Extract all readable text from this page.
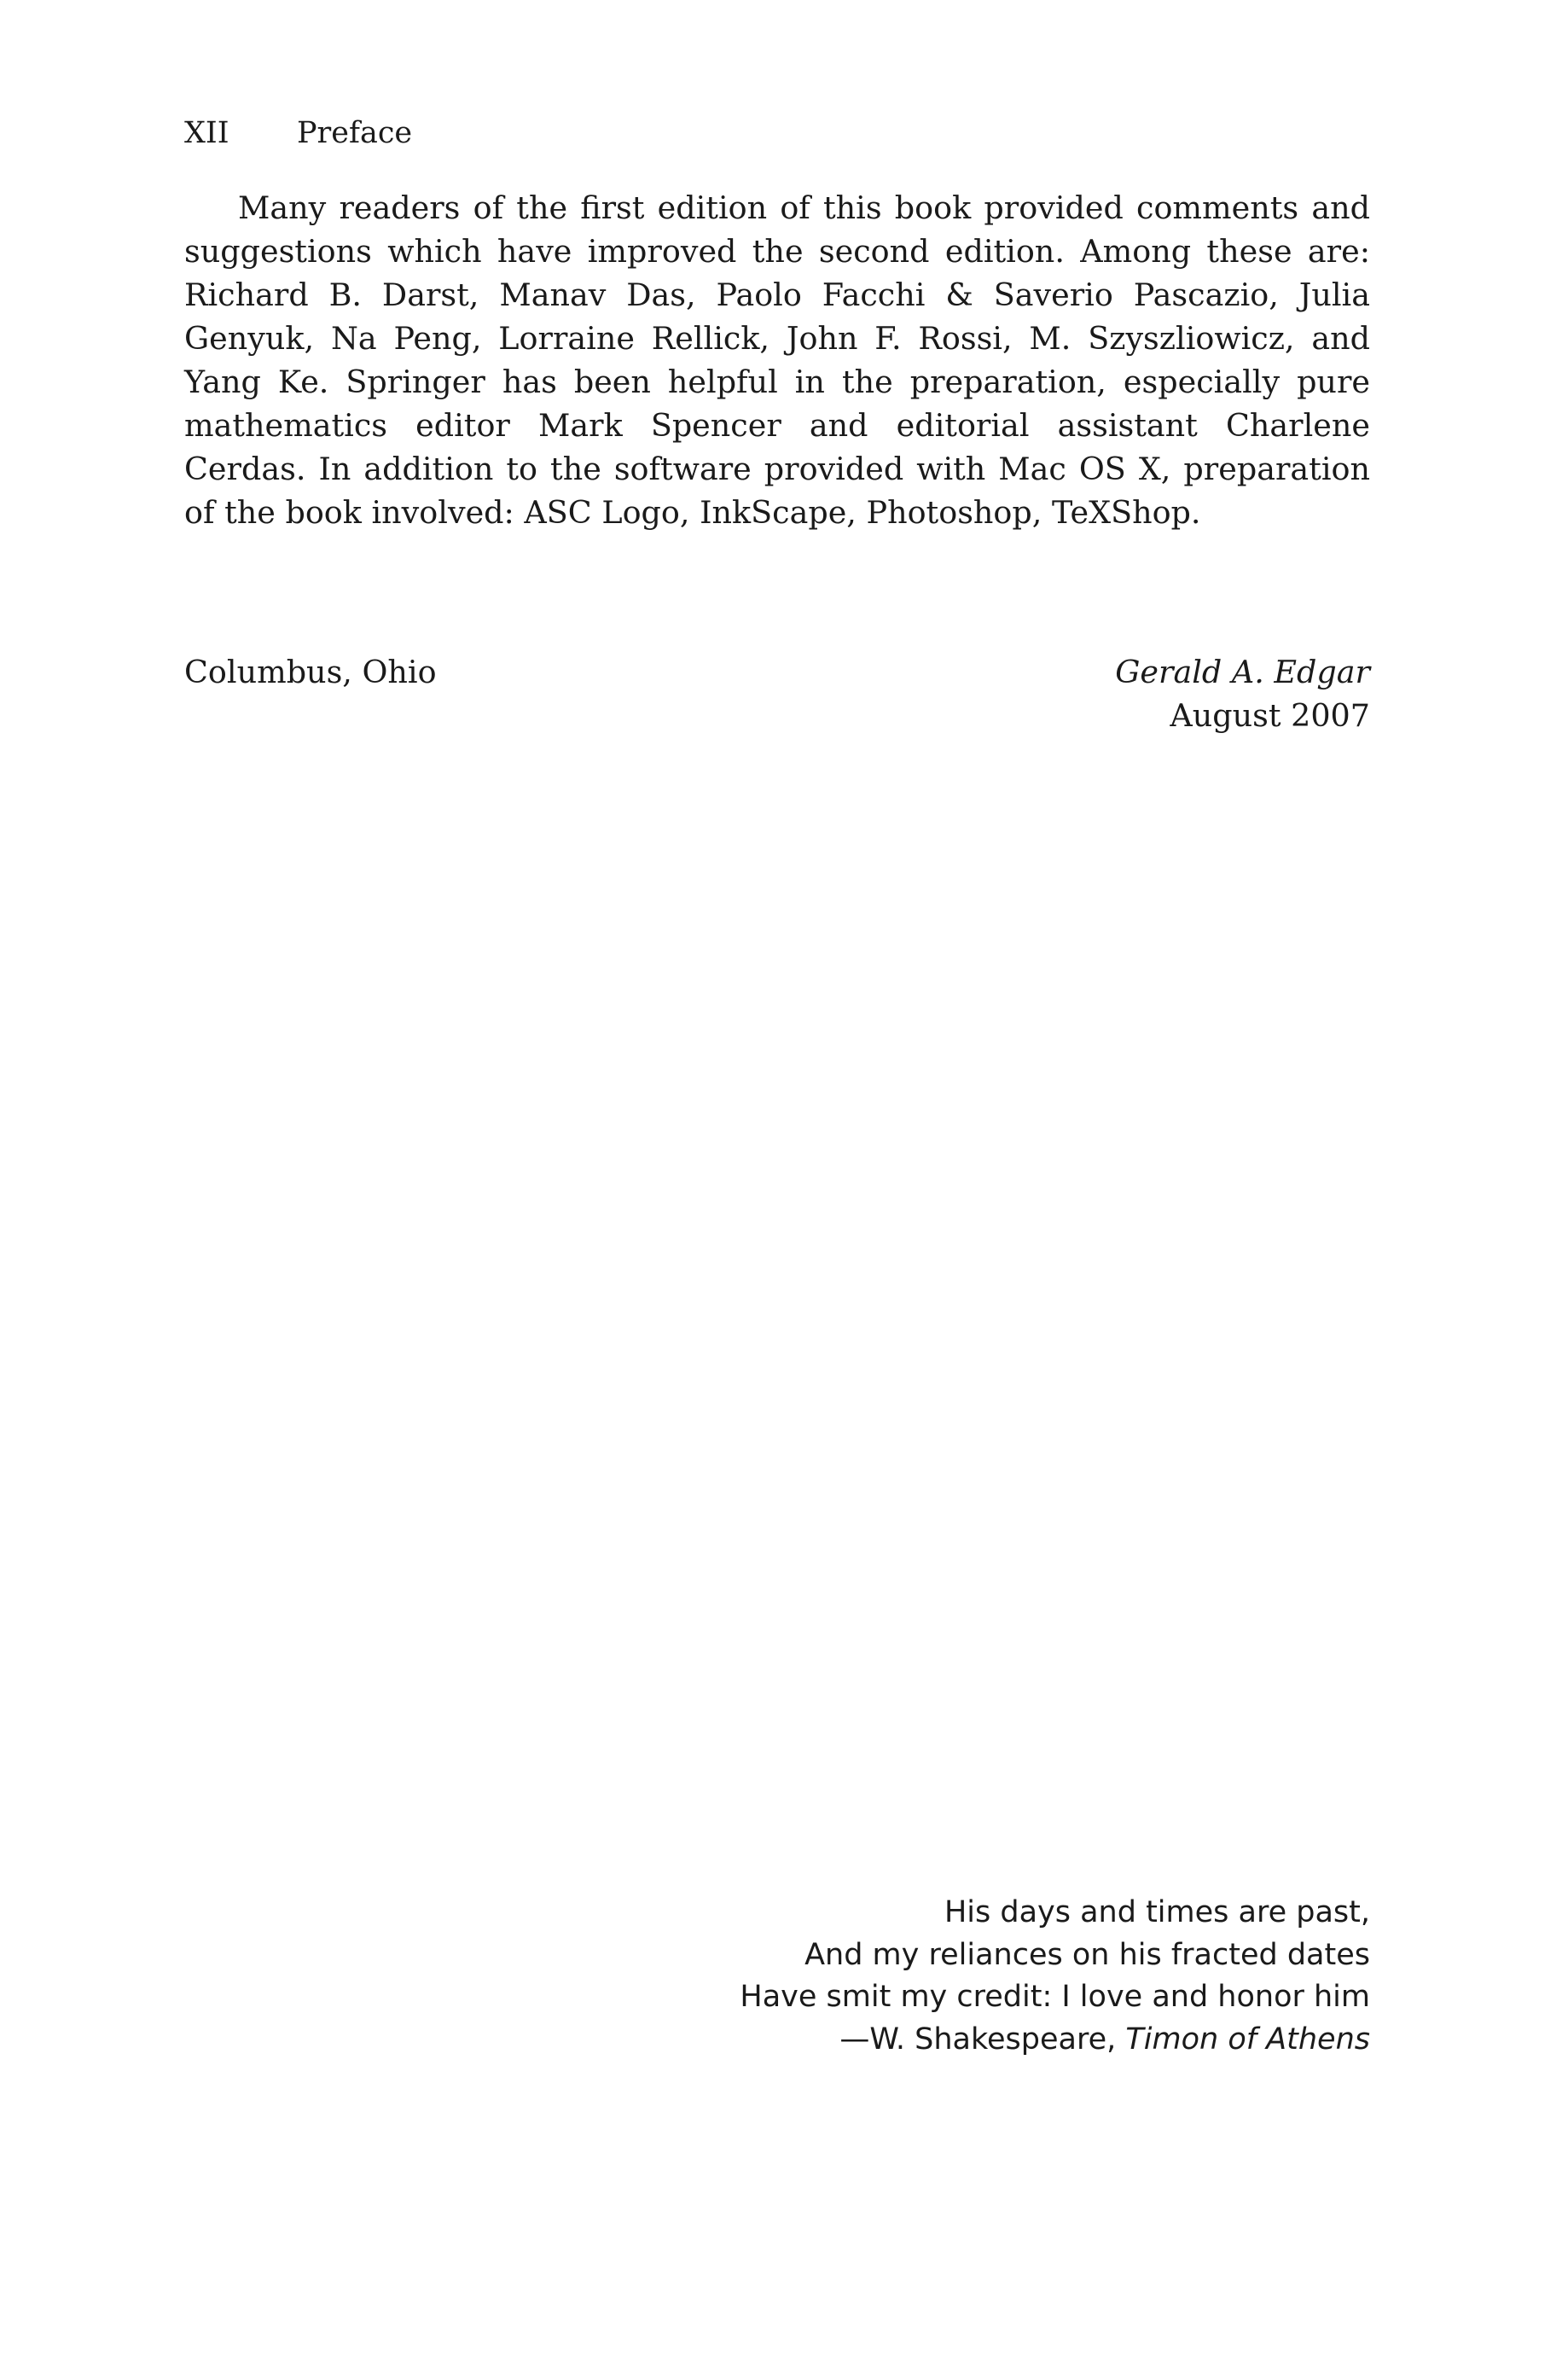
XII Preface

Many readers of the first edition of this book provided comments and suggestions which have improved the second edition. Among these are: Richard B. Darst, Manav Das, Paolo Facchi & Saverio Pascazio, Julia Genyuk, Na Peng, Lorraine Rellick, John F. Rossi, M. Szyszliowicz, and Yang Ke. Springer has been helpful in the preparation, especially pure mathematics editor Mark Spencer and editorial assistant Charlene Cerdas. In addition to the software provided with Mac OS X, preparation of the book involved: ASC Logo, InkScape, Photoshop, TeXShop.

Columbus, Ohio	Gerald A. Edgar
August 2007
His days and times are past,
And my reliances on his fracted dates
Have smit my credit: I love and honor him
—W. Shakespeare, Timon of Athens
